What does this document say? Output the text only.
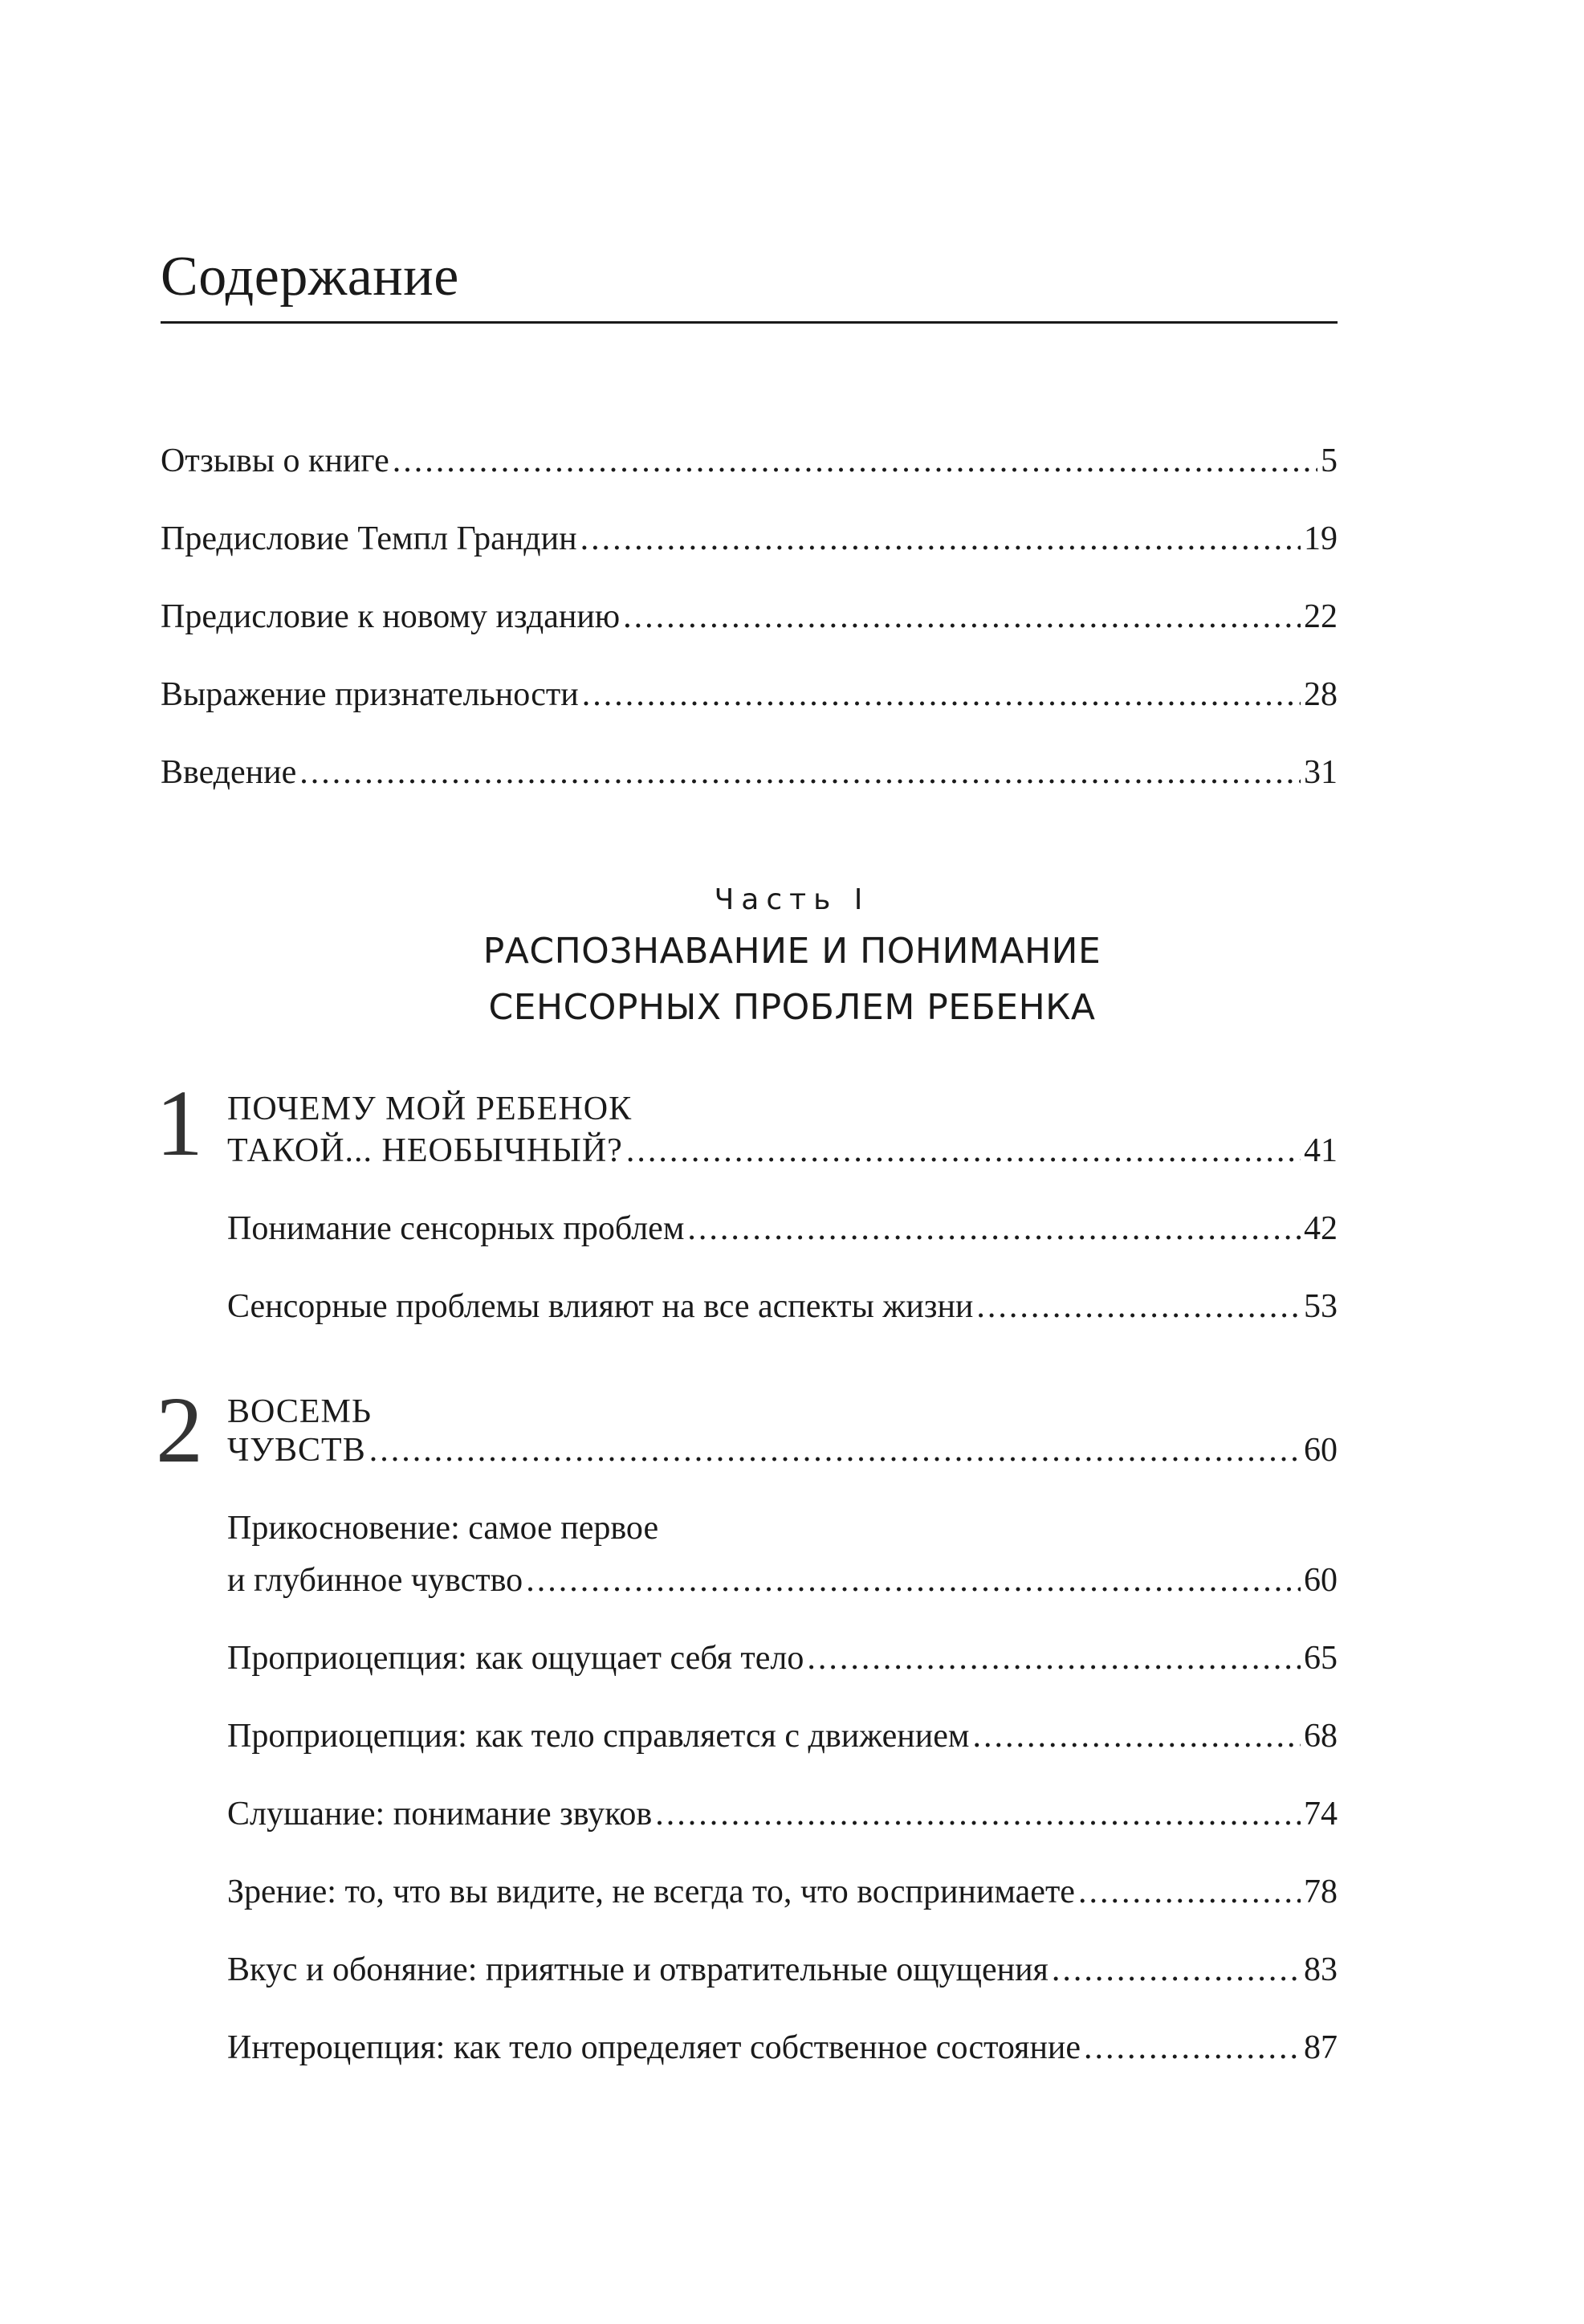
Содержание
Отзывы о книге .....	5
Предисловие Темпл Грандин .....	19
Предисловие к новому изданию .....	22
Выражение признательности .....	28
Введение .....	31
Часть I
РАСПОЗНАВАНИЕ И ПОНИМАНИЕ
СЕНСОРНЫХ ПРОБЛЕМ РЕБЕНКА
1 ПОЧЕМУ МОЙ РЕБЕНОК
ТАКОЙ... НЕОБЫЧНЫЙ? .....	41
Понимание сенсорных проблем .....	42
Сенсорные проблемы влияют на все аспекты жизни .....	53
2 ВОСЕМЬ
ЧУВСТВ .....	60
Прикосновение: самое первое
и глубинное чувство .....	60
Проприоцепция: как ощущает себя тело .....	65
Проприоцепция: как тело справляется с движением .....	68
Слушание: понимание звуков .....	74
Зрение: то, что вы видите, не всегда то, что воспринимаете .....	78
Вкус и обоняние: приятные и отвратительные ощущения .....	83
Интероцепция: как тело определяет собственное состояние .....	87
